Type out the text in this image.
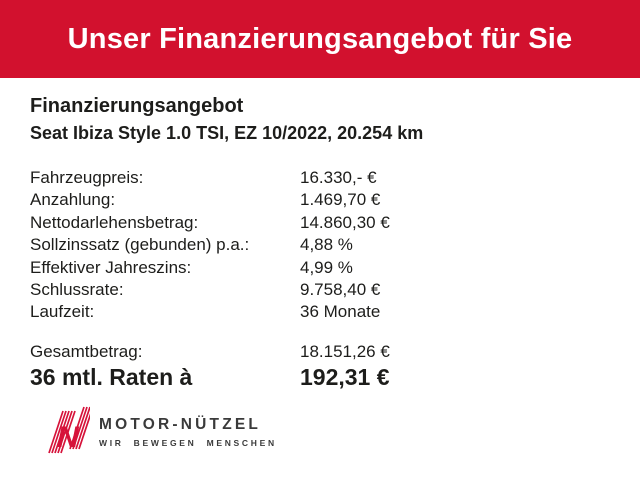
Unser Finanzierungsangebot für Sie
Finanzierungsangebot
Seat Ibiza Style 1.0 TSI, EZ 10/2022, 20.254 km
Fahrzeugpreis:	16.330,- €
Anzahlung:	1.469,70 €
Nettodarlehensbetrag:	14.860,30 €
Sollzinssatz (gebunden) p.a.:	4,88 %
Effektiver Jahreszins:	4,99 %
Schlussrate:	9.758,40 €
Laufzeit:	36 Monate
Gesamtbetrag:	18.151,26 €
36 mtl. Raten à	192,31 €
N MOTOR-NÜTZEL
WIR BEWEGEN MENSCHEN
